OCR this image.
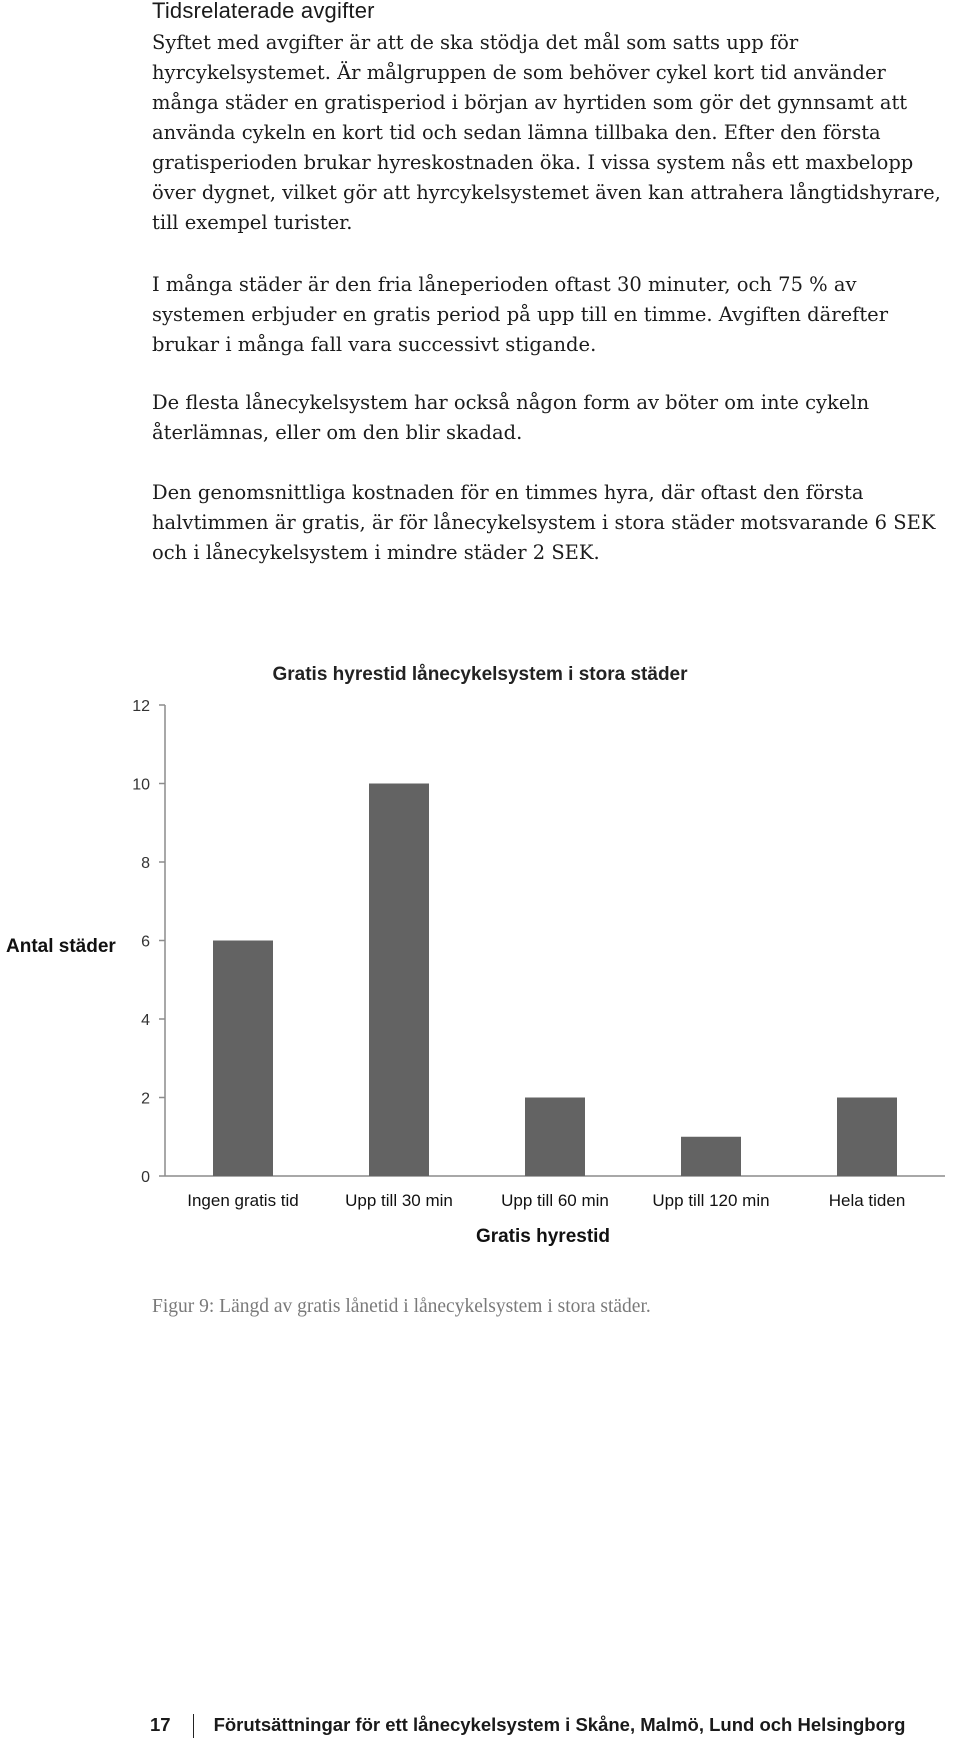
Tidsrelaterade avgifter
Syftet med avgifter är att de ska stödja det mål som satts upp för
hyrcykelsystemet. Är målgruppen de som behöver cykel kort tid använder
många städer en gratisperiod i början av hyrtiden som gör det gynnsamt att
använda cykeln en kort tid och sedan lämna tillbaka den. Efter den första
gratisperioden brukar hyreskostnaden öka. I vissa system nås ett maxbelopp
över dygnet, vilket gör att hyrcykelsystemet även kan attrahera långtidshyrare,
till exempel turister.
I många städer är den fria låneperioden oftast 30 minuter, och 75 % av
systemen erbjuder en gratis period på upp till en timme. Avgiften därefter
brukar i många fall vara successivt stigande.
De flesta lånecykelsystem har också någon form av böter om inte cykeln
återlämnas, eller om den blir skadad.
Den genomsnittliga kostnaden för en timmes hyra, där oftast den första
halvtimmen är gratis, är för lånecykelsystem i stora städer motsvarande 6 SEK
och i lånecykelsystem i mindre städer 2 SEK.
Gratis hyrestid lånecykelsystem i stora städer
Antal städer
Gratis hyrestid
0
2
4
6
8
10
12
Ingen gratis tid	Upp till 30 min	Upp till 60 min	Upp till 120 min	Hela tiden
Figur 9: Längd av gratis lånetid i lånecykelsystem i stora städer.
17 Förutsättningar för ett lånecykelsystem i Skåne, Malmö, Lund och Helsingborg
